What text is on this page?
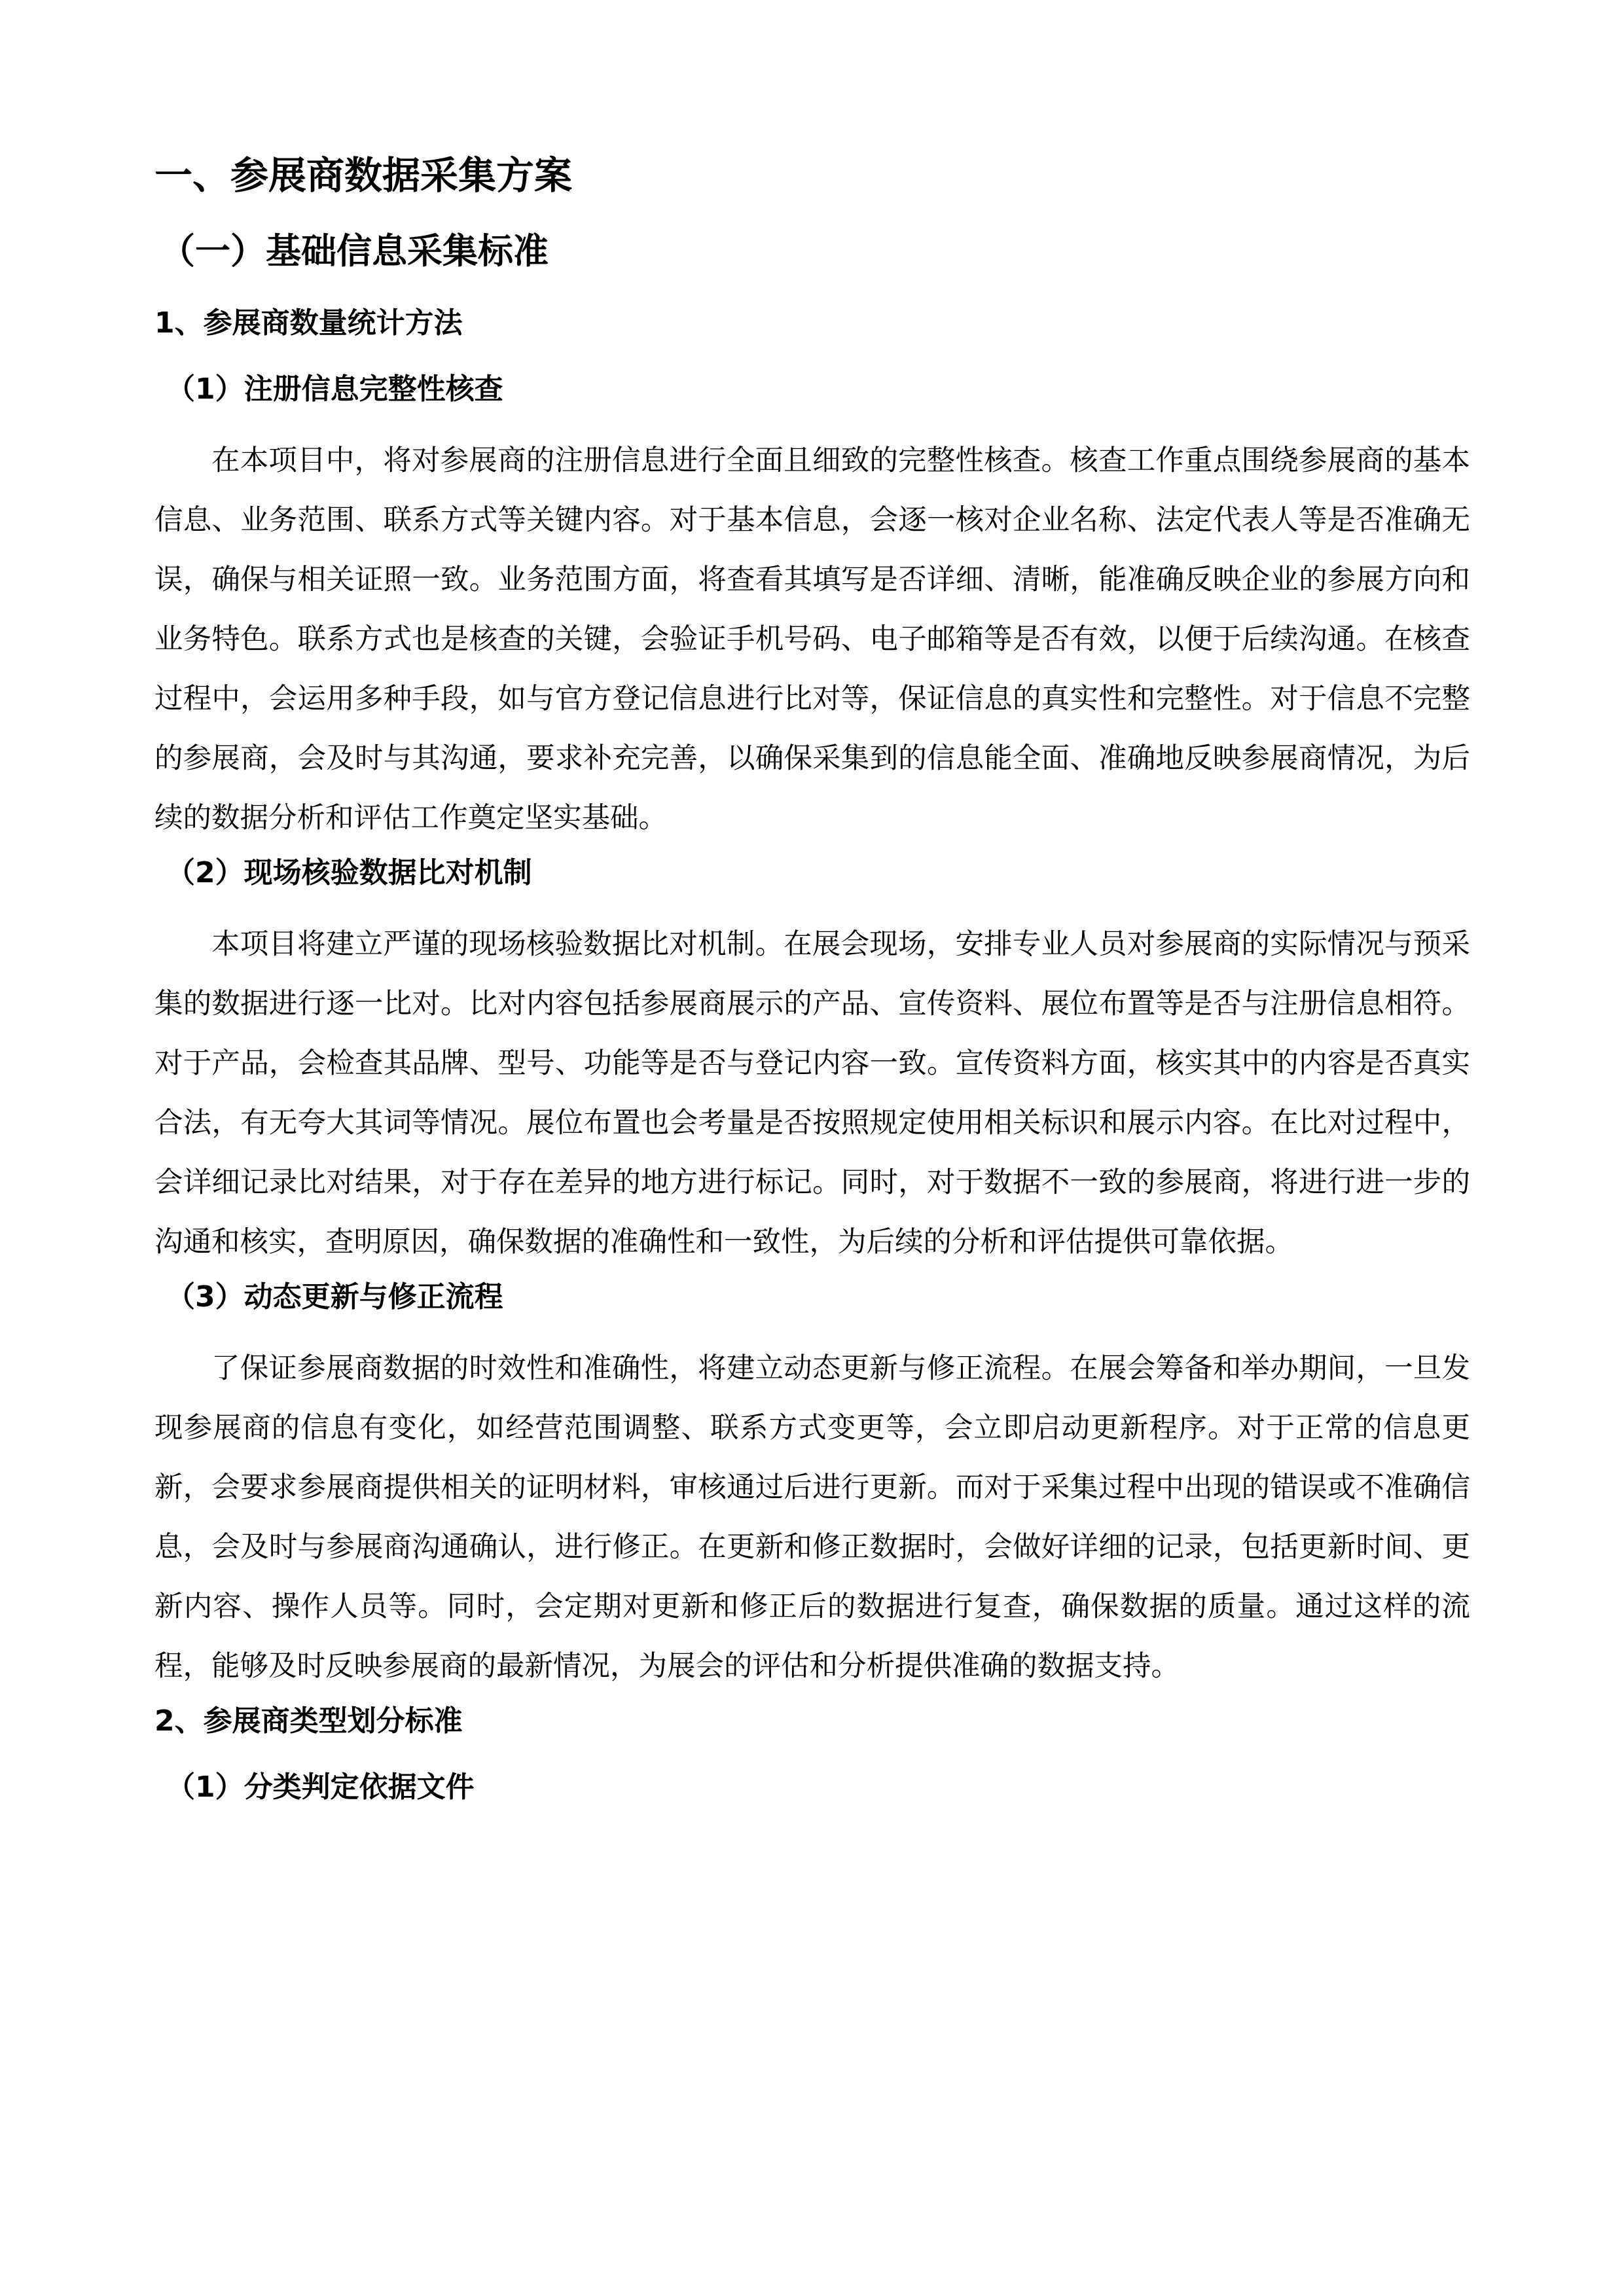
一、参展商数据采集方案
（一）基础信息采集标准
1、参展商数量统计方法
（1）注册信息完整性核查

在本项目中，将对参展商的注册信息进行全面且细致的完整性核查。核查工作重点围绕参展商的基本信息、业务范围、联系方式等关键内容。对于基本信息，会逐一核对企业名称、法定代表人等是否准确无误，确保与相关证照一致。业务范围方面，将查看其填写是否详细、清晰，能准确反映企业的参展方向和业务特色。联系方式也是核查的关键，会验证手机号码、电子邮箱等是否有效，以便于后续沟通。在核查过程中，会运用多种手段，如与官方登记信息进行比对等，保证信息的真实性和完整性。对于信息不完整的参展商，会及时与其沟通，要求补充完善，以确保采集到的信息能全面、准确地反映参展商情况，为后续的数据分析和评估工作奠定坚实基础。

（2）现场核验数据比对机制

本项目将建立严谨的现场核验数据比对机制。在展会现场，安排专业人员对参展商的实际情况与预采集的数据进行逐一比对。比对内容包括参展商展示的产品、宣传资料、展位布置等是否与注册信息相符。对于产品，会检查其品牌、型号、功能等是否与登记内容一致。宣传资料方面，核实其中的内容是否真实合法，有无夸大其词等情况。展位布置也会考量是否按照规定使用相关标识和展示内容。在比对过程中，会详细记录比对结果，对于存在差异的地方进行标记。同时，对于数据不一致的参展商，将进行进一步的沟通和核实，查明原因，确保数据的准确性和一致性，为后续的分析和评估提供可靠依据。

（3）动态更新与修正流程

了保证参展商数据的时效性和准确性，将建立动态更新与修正流程。在展会筹备和举办期间，一旦发现参展商的信息有变化，如经营范围调整、联系方式变更等，会立即启动更新程序。对于正常的信息更新，会要求参展商提供相关的证明材料，审核通过后进行更新。而对于采集过程中出现的错误或不准确信息，会及时与参展商沟通确认，进行修正。在更新和修正数据时，会做好详细的记录，包括更新时间、更新内容、操作人员等。同时，会定期对更新和修正后的数据进行复查，确保数据的质量。通过这样的流程，能够及时反映参展商的最新情况，为展会的评估和分析提供准确的数据支持。

2、参展商类型划分标准
（1）分类判定依据文件
